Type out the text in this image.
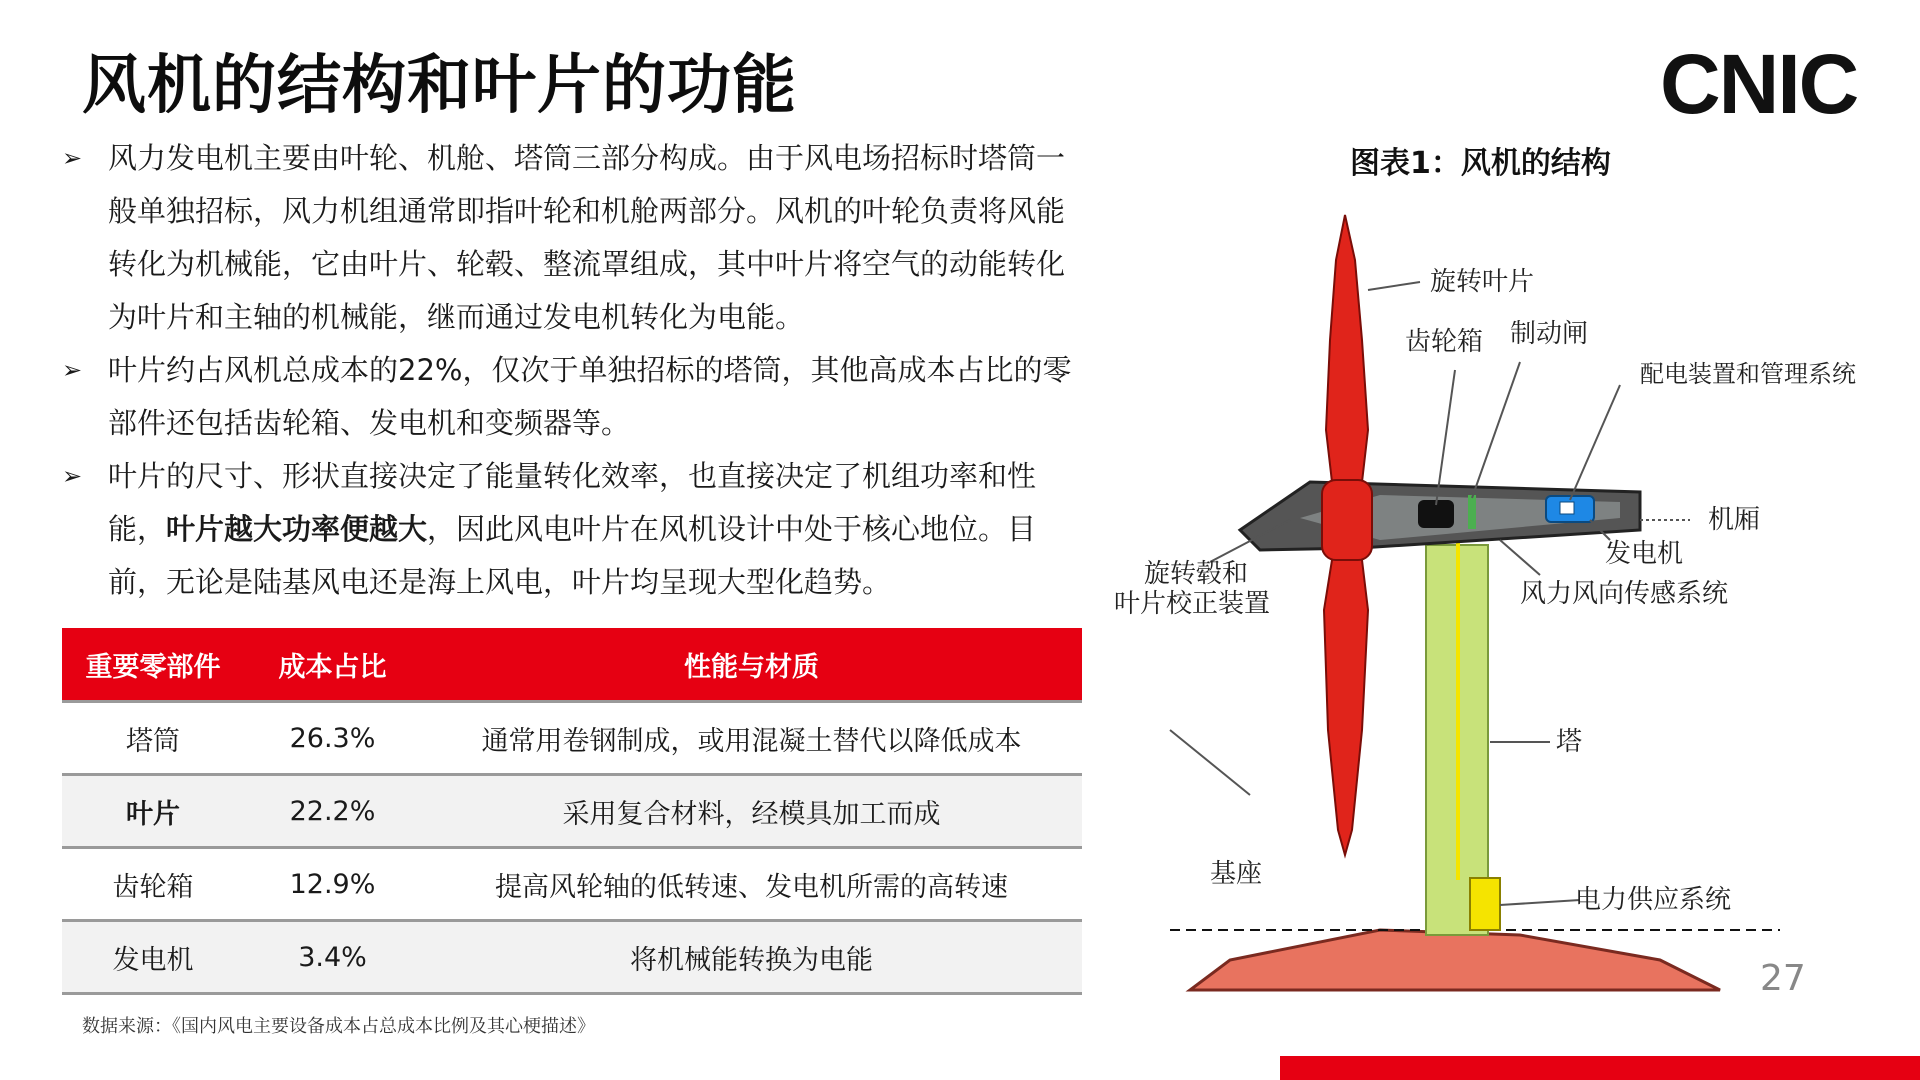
风机的结构和叶片的功能	CNIC
➢ 风力发电机主要由叶轮、机舱、塔筒三部分构成。由于风电场招标时塔筒一般单独招标，风力机组通常即指叶轮和机舱两部分。风机的叶轮负责将风能转化为机械能，它由叶片、轮毂、整流罩组成，其中叶片将空气的动能转化为叶片和主轴的机械能，继而通过发电机转化为电能。
➢ 叶片约占风机总成本的22%，仅次于单独招标的塔筒，其他高成本占比的零部件还包括齿轮箱、发电机和变频器等。
➢ 叶片的尺寸、形状直接决定了能量转化效率，也直接决定了机组功率和性能，叶片越大功率便越大，因此风电叶片在风机设计中处于核心地位。目前，无论是陆基风电还是海上风电，叶片均呈现大型化趋势。
重要零部件	成本占比	性能与材质
塔筒	26.3%	通常用卷钢制成，或用混凝土替代以降低成本
叶片	22.2%	采用复合材料，经模具加工而成
齿轮箱	12.9%	提高风轮轴的低转速、发电机所需的高转速
发电机	3.4%	将机械能转换为电能
数据来源：《国内风电主要设备成本占总成本比例及其心梗描述》
图表1：风机的结构
旋转叶片
齿轮箱 制动闸
配电装置和管理系统
机厢
发电机
旋转毂和
叶片校正装置	风力风向传感系统
塔
基座
电力供应系统
27
